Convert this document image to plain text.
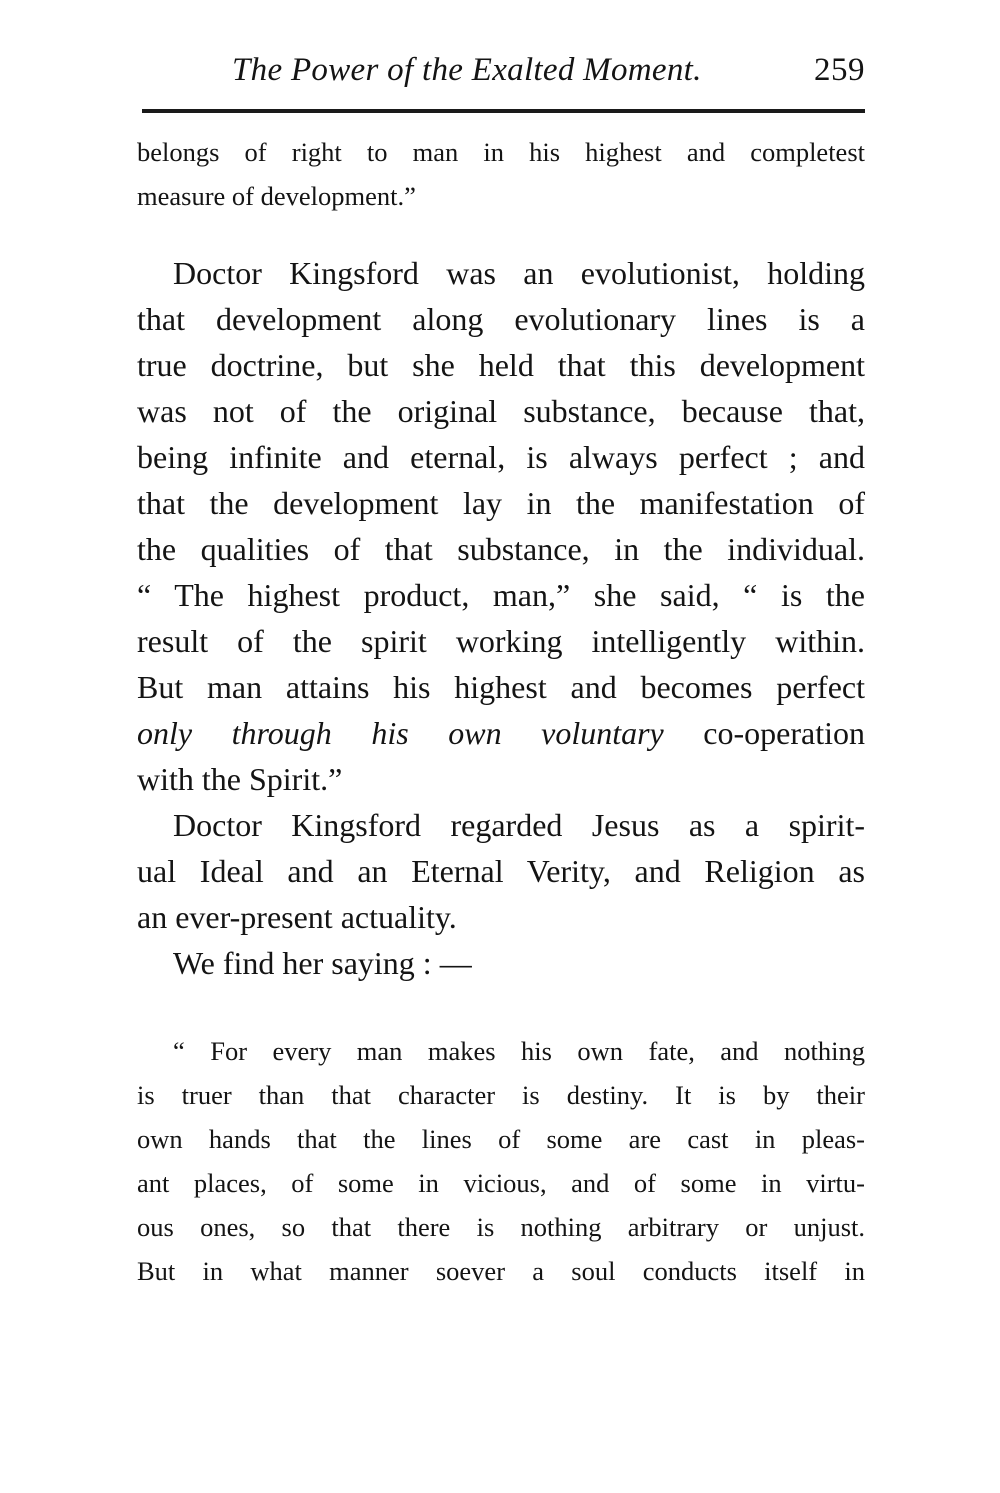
The Power of the Exalted Moment.	259
belongs of right to man in his highest and completest
measure of development.”
Doctor Kingsford was an evolutionist, holding
that development along evolutionary lines is a
true doctrine, but she held that this development
was not of the original substance, because that,
being infinite and eternal, is always perfect ; and
that the development lay in the manifestation of
the qualities of that substance, in the individual.
“ The highest product, man,” she said, “ is the
result of the spirit working intelligently within.
But man attains his highest and becomes perfect
only through his own voluntary co-operation
with the Spirit.”
Doctor Kingsford regarded Jesus as a spirit-
ual Ideal and an Eternal Verity, and Religion as
an ever-present actuality.
We find her saying : —
“ For every man makes his own fate, and nothing
is truer than that character is destiny. It is by their
own hands that the lines of some are cast in pleas-
ant places, of some in vicious, and of some in virtu-
ous ones, so that there is nothing arbitrary or unjust.
But in what manner soever a soul conducts itself in
